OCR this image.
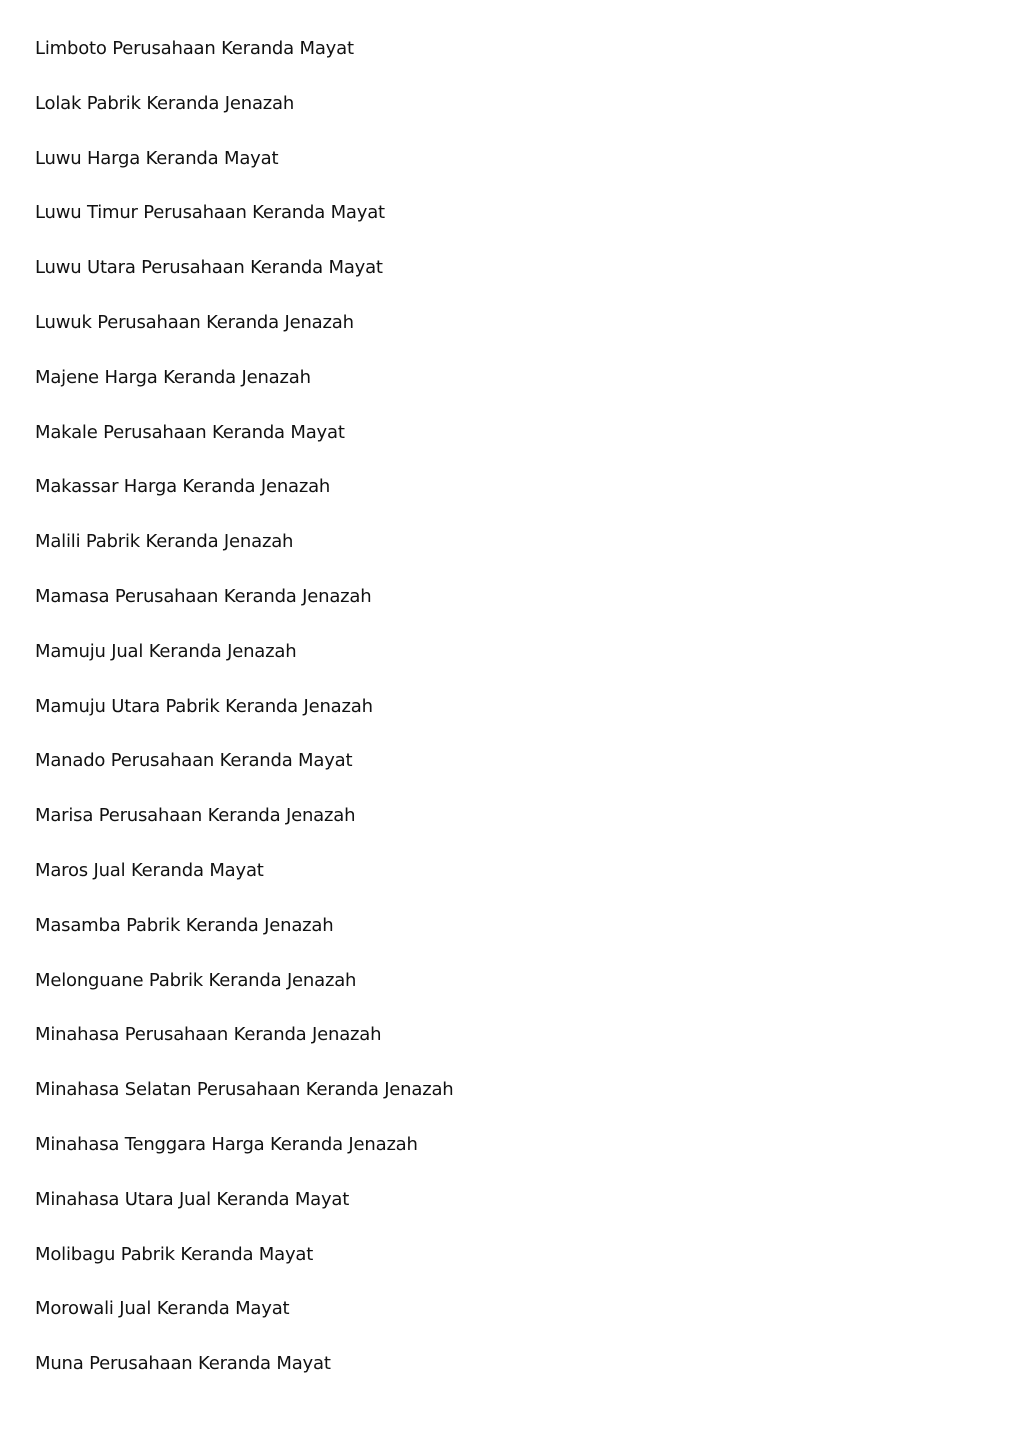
Limboto Perusahaan Keranda Mayat
Lolak Pabrik Keranda Jenazah
Luwu Harga Keranda Mayat
Luwu Timur Perusahaan Keranda Mayat
Luwu Utara Perusahaan Keranda Mayat
Luwuk Perusahaan Keranda Jenazah
Majene Harga Keranda Jenazah
Makale Perusahaan Keranda Mayat
Makassar Harga Keranda Jenazah
Malili Pabrik Keranda Jenazah
Mamasa Perusahaan Keranda Jenazah
Mamuju Jual Keranda Jenazah
Mamuju Utara Pabrik Keranda Jenazah
Manado Perusahaan Keranda Mayat
Marisa Perusahaan Keranda Jenazah
Maros Jual Keranda Mayat
Masamba Pabrik Keranda Jenazah
Melonguane Pabrik Keranda Jenazah
Minahasa Perusahaan Keranda Jenazah
Minahasa Selatan Perusahaan Keranda Jenazah
Minahasa Tenggara Harga Keranda Jenazah
Minahasa Utara Jual Keranda Mayat
Molibagu Pabrik Keranda Mayat
Morowali Jual Keranda Mayat
Muna Perusahaan Keranda Mayat
